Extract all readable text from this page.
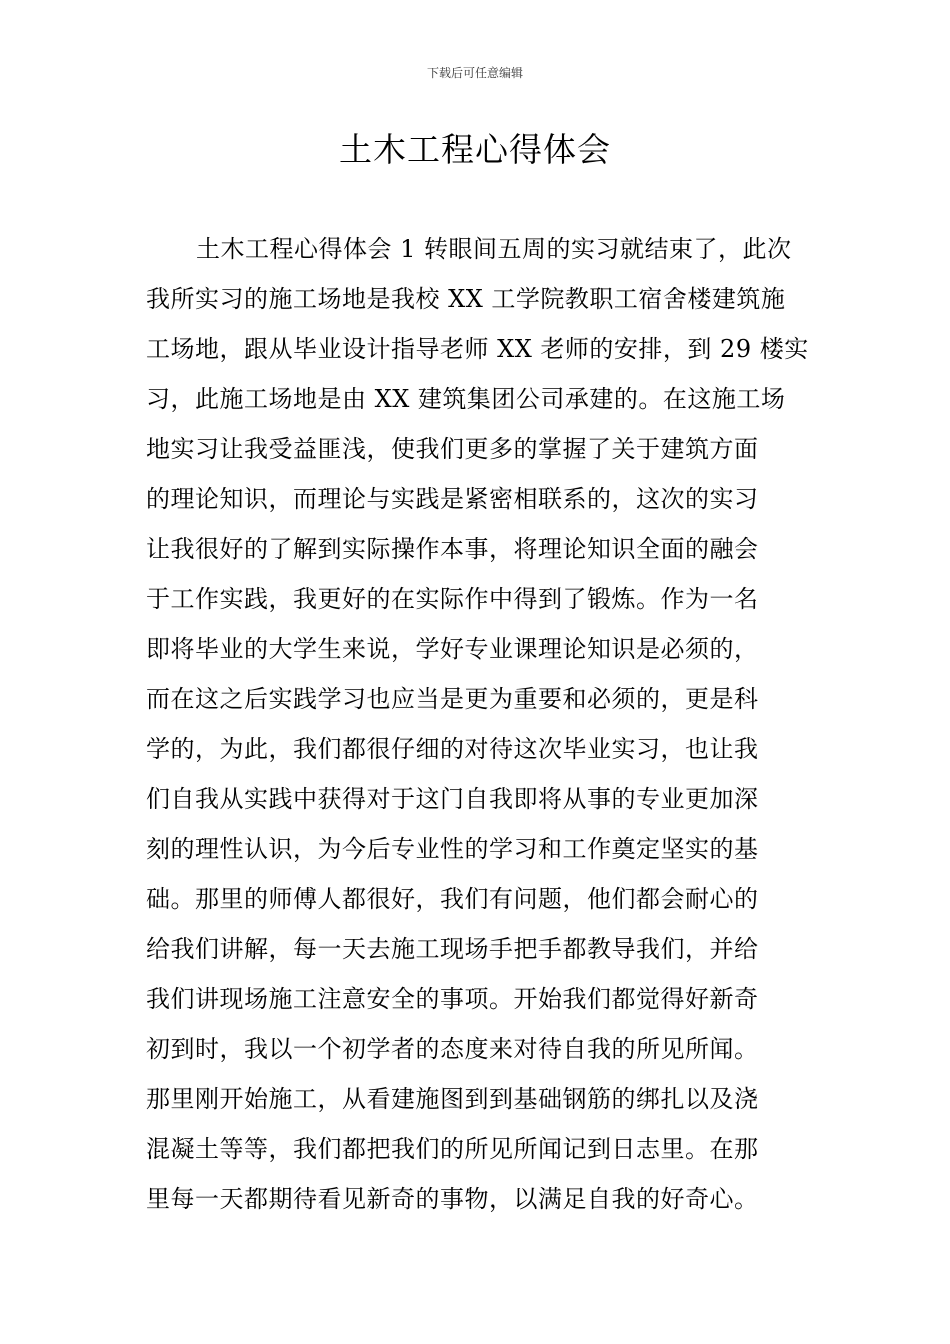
下载后可任意编辑
土木工程心得体会
土木工程心得体会 1 转眼间五周的实习就结束了，此次
我所实习的施工场地是我校 XX 工学院教职工宿舍楼建筑施
工场地，跟从毕业设计指导老师 XX 老师的安排，到 29 楼实
习，此施工场地是由 XX 建筑集团公司承建的。在这施工场
地实习让我受益匪浅，使我们更多的掌握了关于建筑方面
的理论知识，而理论与实践是紧密相联系的，这次的实习
让我很好的了解到实际操作本事，将理论知识全面的融会
于工作实践，我更好的在实际作中得到了锻炼。作为一名
即将毕业的大学生来说，学好专业课理论知识是必须的，
而在这之后实践学习也应当是更为重要和必须的，更是科
学的，为此，我们都很仔细的对待这次毕业实习，也让我
们自我从实践中获得对于这门自我即将从事的专业更加深
刻的理性认识，为今后专业性的学习和工作奠定坚实的基
础。那里的师傅人都很好，我们有问题，他们都会耐心的
给我们讲解，每一天去施工现场手把手都教导我们，并给
我们讲现场施工注意安全的事项。开始我们都觉得好新奇
初到时，我以一个初学者的态度来对待自我的所见所闻。
那里刚开始施工，从看建施图到到基础钢筋的绑扎以及浇
混凝土等等，我们都把我们的所见所闻记到日志里。在那
里每一天都期待看见新奇的事物，以满足自我的好奇心。
